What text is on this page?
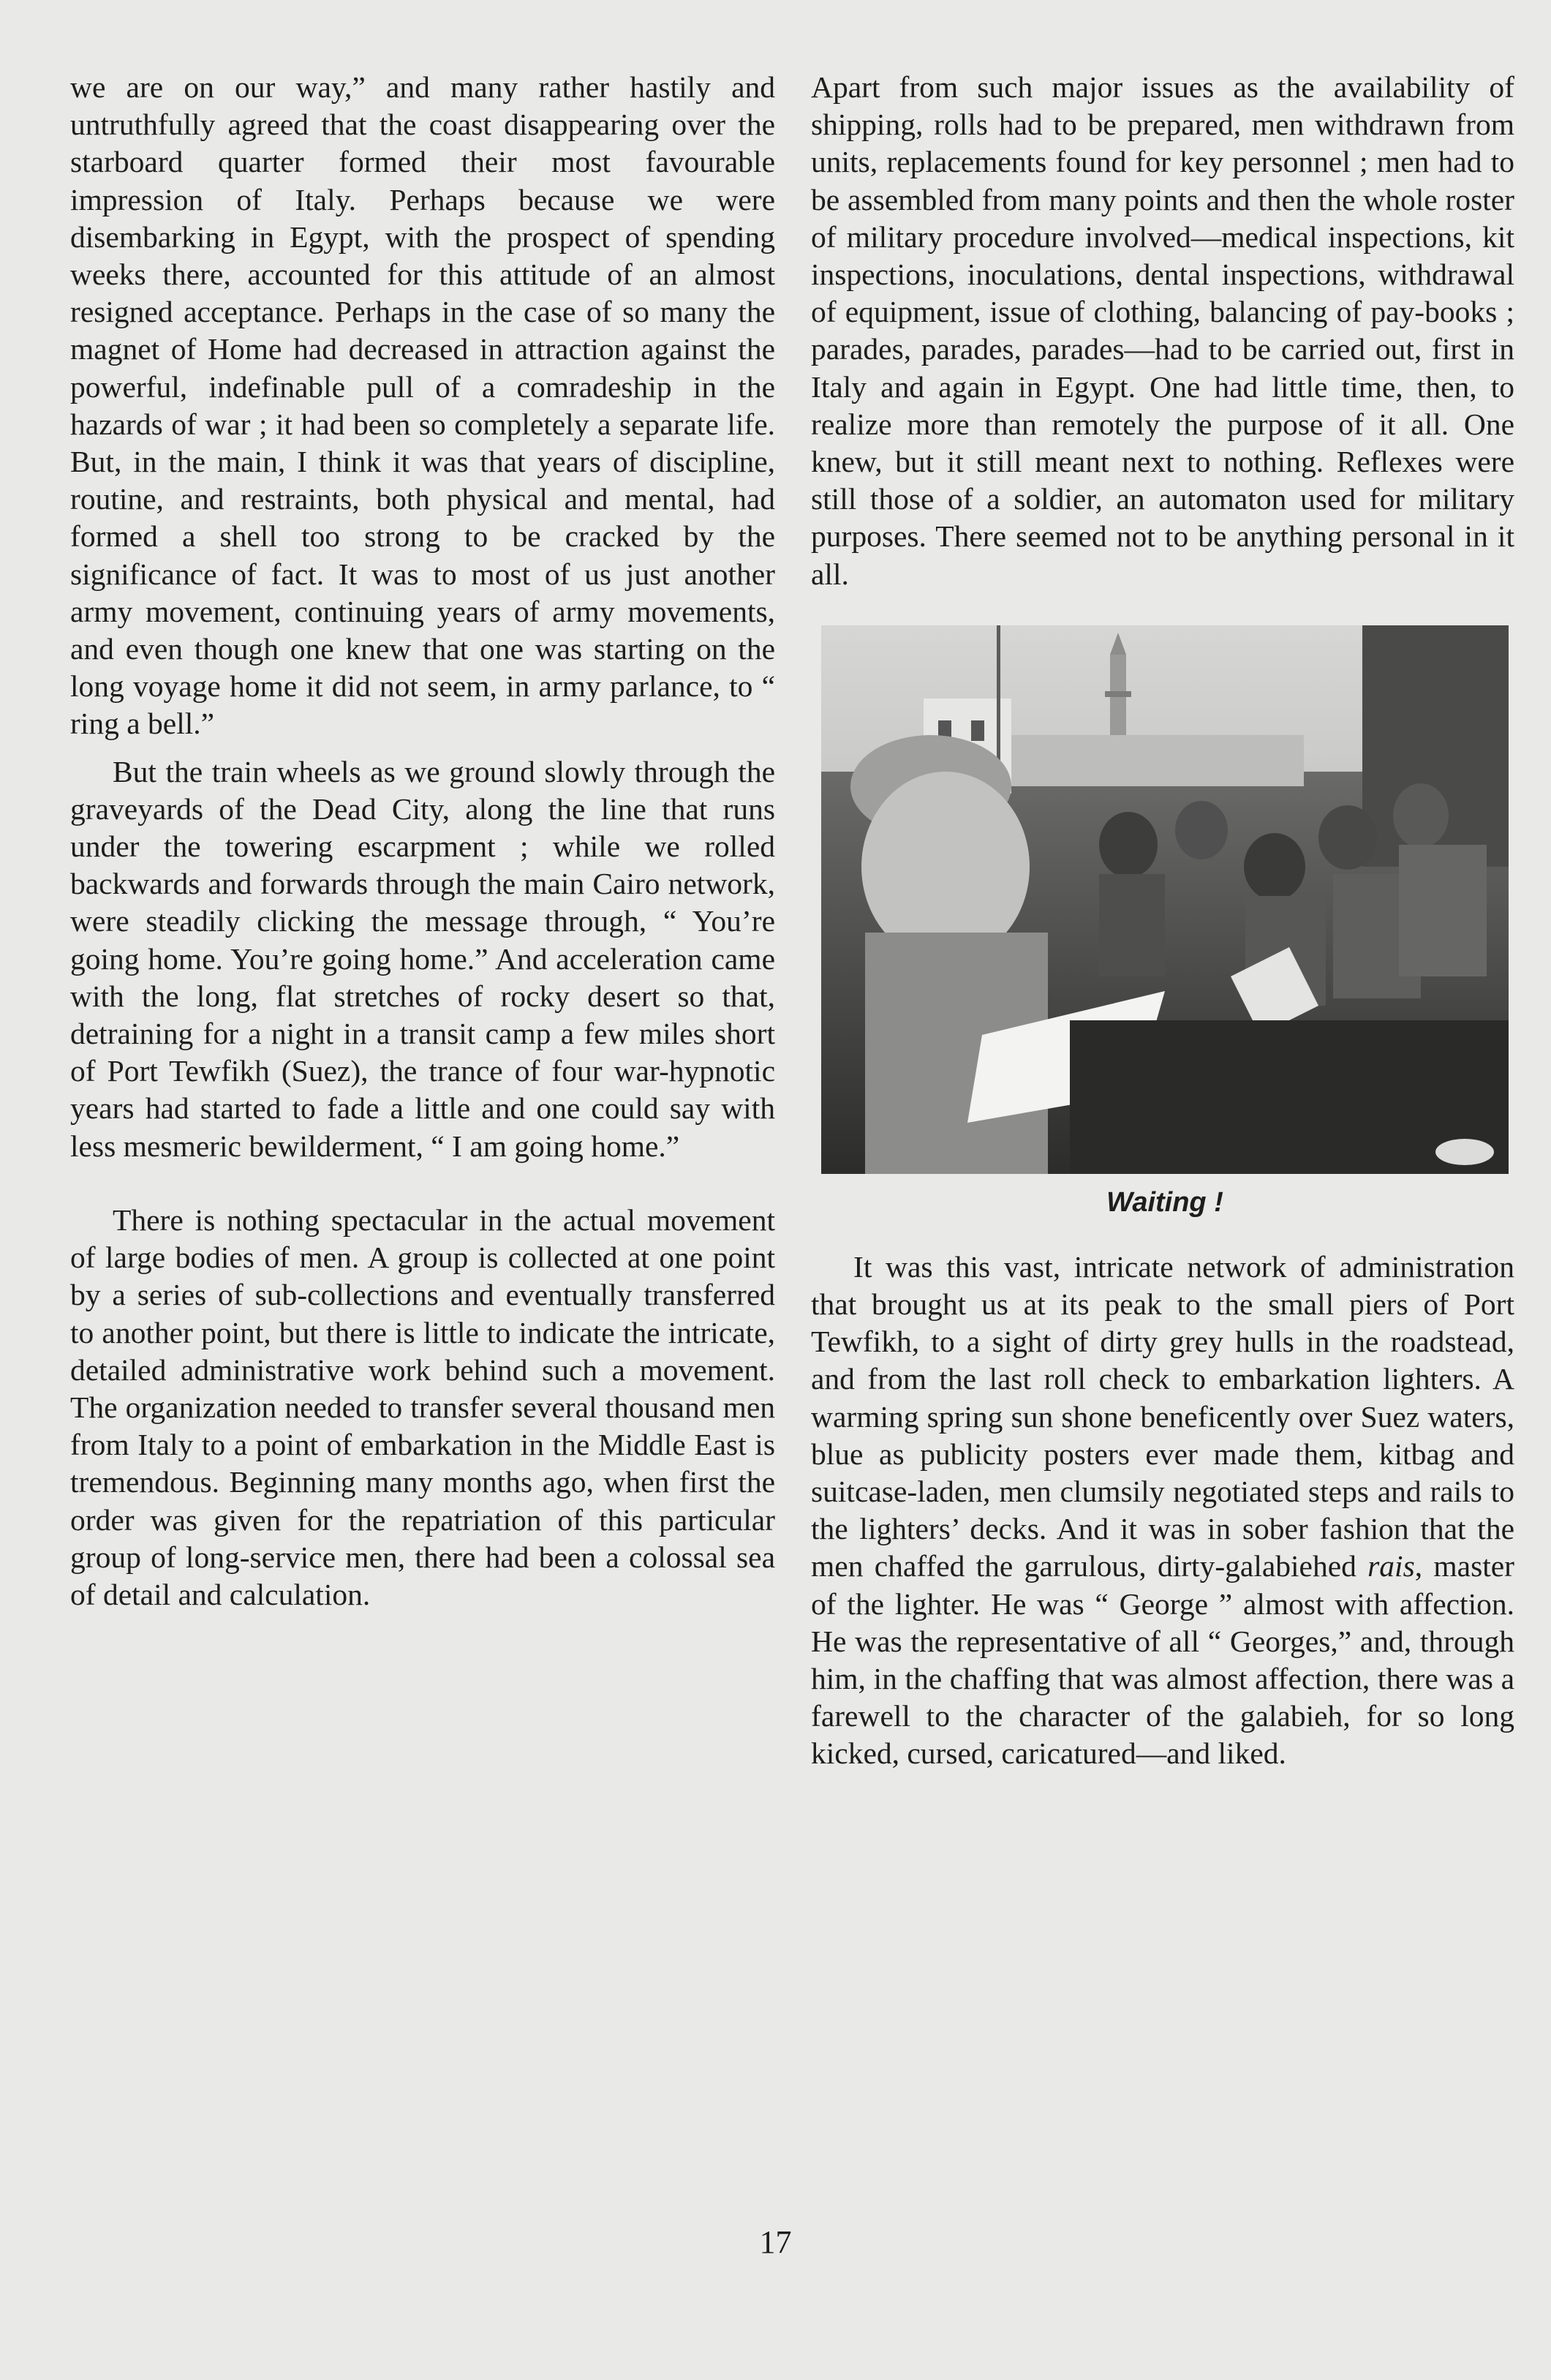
we are on our way,” and many rather hastily and untruthfully agreed that the coast disappearing over the starboard quarter formed their most favourable impression of Italy. Perhaps because we were disembarking in Egypt, with the prospect of spending weeks there, accounted for this attitude of an almost resigned acceptance. Perhaps in the case of so many the magnet of Home had decreased in attraction against the powerful, indefinable pull of a comradeship in the hazards of war ; it had been so completely a separate life. But, in the main, I think it was that years of discipline, routine, and restraints, both physical and mental, had formed a shell too strong to be cracked by the significance of fact. It was to most of us just another army movement, continuing years of army movements, and even though one knew that one was starting on the long voyage home it did not seem, in army parlance, to “ ring a bell.”

But the train wheels as we ground slowly through the graveyards of the Dead City, along the line that runs under the towering escarpment ; while we rolled backwards and forwards through the main Cairo network, were steadily clicking the message through, “ You’re going home. You’re going home.” And acceleration came with the long, flat stretches of rocky desert so that, detraining for a night in a transit camp a few miles short of Port Tewfikh (Suez), the trance of four war-hypnotic years had started to fade a little and one could say with less mesmeric bewilderment, “ I am going home.”

There is nothing spectacular in the actual movement of large bodies of men. A group is collected at one point by a series of sub-collections and eventually transferred to another point, but there is little to indicate the intricate, detailed administrative work behind such a movement. The organization needed to transfer several thousand men from Italy to a point of embarkation in the Middle East is tremendous. Beginning many months ago, when first the order was given for the repatriation of this particular group of long-service men, there had been a colossal sea of detail and calculation.

Apart from such major issues as the availability of shipping, rolls had to be prepared, men withdrawn from units, replacements found for key personnel ; men had to be assembled from many points and then the whole roster of military procedure involved—medical inspections, kit inspections, inoculations, dental inspections, withdrawal of equipment, issue of clothing, balancing of pay-books ; parades, parades, parades—had to be carried out, first in Italy and again in Egypt. One had little time, then, to realize more than remotely the purpose of it all. One knew, but it still meant next to nothing. Reflexes were still those of a soldier, an automaton used for military purposes. There seemed not to be anything personal in it all.

Waiting !

It was this vast, intricate network of administration that brought us at its peak to the small piers of Port Tewfikh, to a sight of dirty grey hulls in the roadstead, and from the last roll check to embarkation lighters. A warming spring sun shone beneficently over Suez waters, blue as publicity posters ever made them, kitbag and suitcase-laden, men clumsily negotiated steps and rails to the lighters’ decks. And it was in sober fashion that the men chaffed the garrulous, dirty-galabiehed rais, master of the lighter. He was “ George ” almost with affection. He was the representative of all “ Georges,” and, through him, in the chaffing that was almost affection, there was a farewell to the character of the galabieh, for so long kicked, cursed, caricatured—and liked.

17
